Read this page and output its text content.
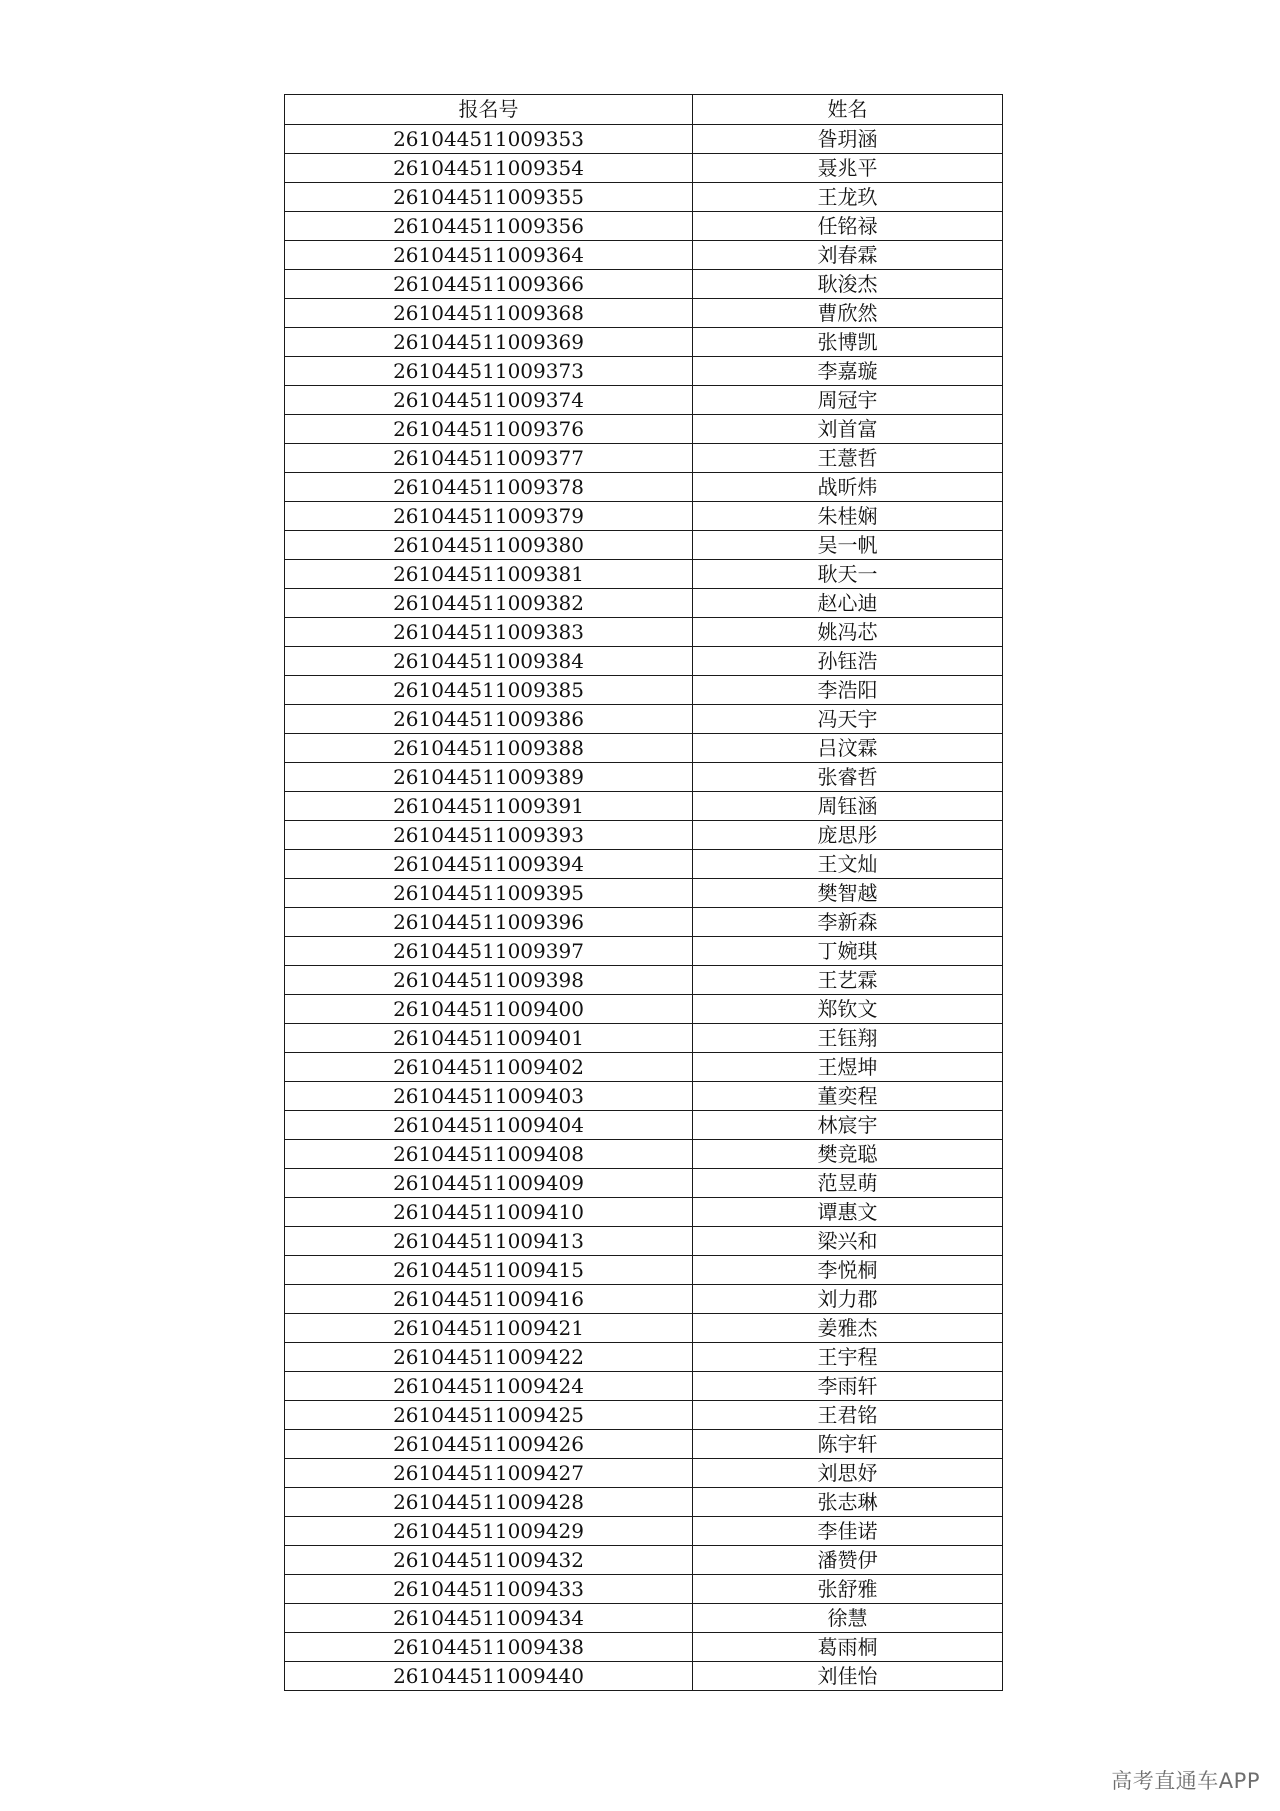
报名号	姓名
261044511009353	昝玥涵
261044511009354	聂兆平
261044511009355	王龙玖
261044511009356	任铭禄
261044511009364	刘春霖
261044511009366	耿浚杰
261044511009368	曹欣然
261044511009369	张博凯
261044511009373	李嘉璇
261044511009374	周冠宇
261044511009376	刘首富
261044511009377	王薏哲
261044511009378	战昕炜
261044511009379	朱桂娴
261044511009380	吴一帆
261044511009381	耿天一
261044511009382	赵心迪
261044511009383	姚冯芯
261044511009384	孙钰浩
261044511009385	李浩阳
261044511009386	冯天宇
261044511009388	吕汶霖
261044511009389	张睿哲
261044511009391	周钰涵
261044511009393	庞思彤
261044511009394	王文灿
261044511009395	樊智越
261044511009396	李新森
261044511009397	丁婉琪
261044511009398	王艺霖
261044511009400	郑钦文
261044511009401	王钰翔
261044511009402	王煜坤
261044511009403	董奕程
261044511009404	林宸宇
261044511009408	樊竞聪
261044511009409	范昱萌
261044511009410	谭惠文
261044511009413	梁兴和
261044511009415	李悦桐
261044511009416	刘力郡
261044511009421	姜雅杰
261044511009422	王宇程
261044511009424	李雨轩
261044511009425	王君铭
261044511009426	陈宇轩
261044511009427	刘思妤
261044511009428	张志琳
261044511009429	李佳诺
261044511009432	潘赞伊
261044511009433	张舒雅
261044511009434	徐慧
261044511009438	葛雨桐
261044511009440	刘佳怡
高考直通车APP
